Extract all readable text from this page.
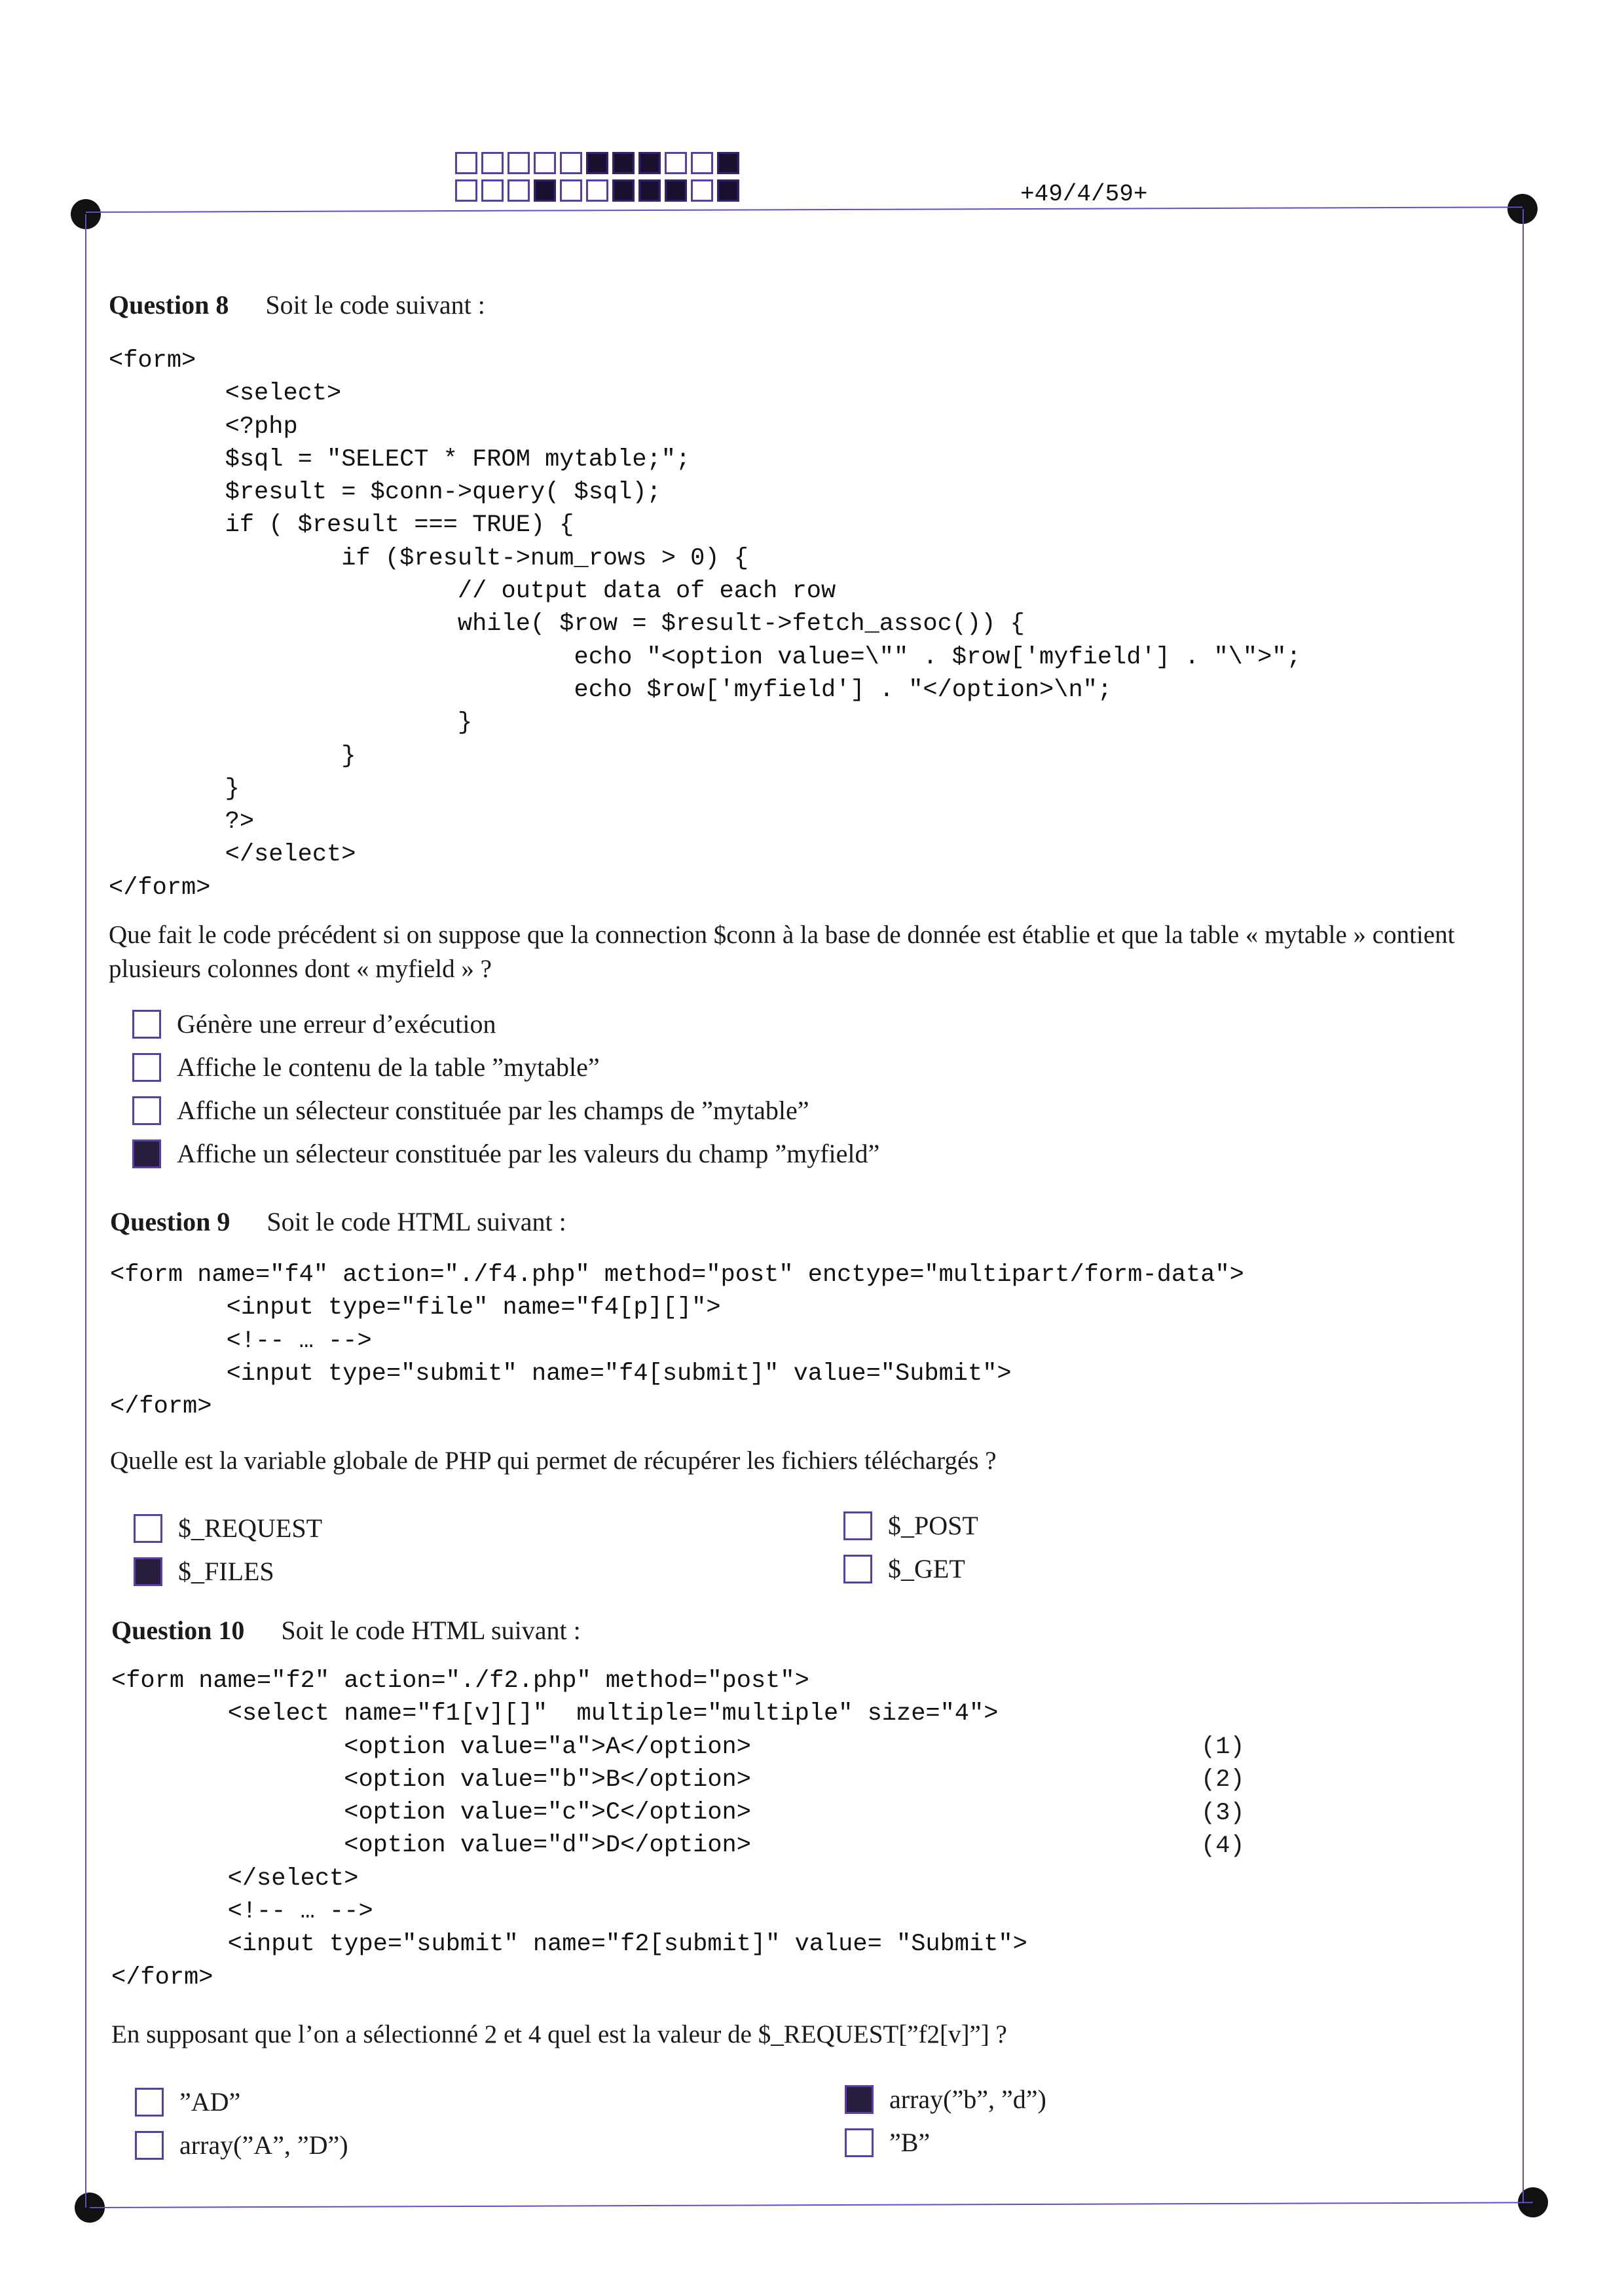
+49/4/59+
Question 8 Soit le code suivant :
<form>
<select>
<?php
$sql = "SELECT * FROM mytable;";
$result = $conn->query( $sql);
if ( $result === TRUE) {
if ($result->num_rows > 0) {
// output data of each row
while( $row = $result->fetch_assoc()) {
echo "<option value=\"" . $row['myfield'] . "\">";
echo $row['myfield'] . "</option>\n";
}
}
}
?>
</select>
</form>
Que fait le code précédent si on suppose que la connection $conn à la base de donnée est établie et que la table « mytable » contient plusieurs colonnes dont « myfield » ?
Génère une erreur d’exécution
Affiche le contenu de la table ”mytable”
Affiche un sélecteur constituée par les champs de ”mytable”
Affiche un sélecteur constituée par les valeurs du champ ”myfield”
Question 9 Soit le code HTML suivant :
<form name="f4" action="./f4.php" method="post" enctype="multipart/form-data">
<input type="file" name="f4[p][]">
<!-- … -->
<input type="submit" name="f4[submit]" value="Submit">
</form>
Quelle est la variable globale de PHP qui permet de récupérer les fichiers téléchargés ?
$_REQUEST
$_FILES
$_POST
$_GET
Question 10 Soit le code HTML suivant :
<form name="f2" action="./f2.php" method="post">
<select name="f1[v][]"  multiple="multiple" size="4">
<option value="a">A</option>
<option value="b">B</option>
<option value="c">C</option>
<option value="d">D</option>
</select>
<!-- … -->
<input type="submit" name="f2[submit]" value= "Submit">
</form>
(1)
(2)
(3)
(4)
En supposant que l’on a sélectionné 2 et 4 quel est la valeur de $_REQUEST[”f2[v]”] ?
”AD”
array(”A”, ”D”)
array(”b”, ”d”)
”B”
